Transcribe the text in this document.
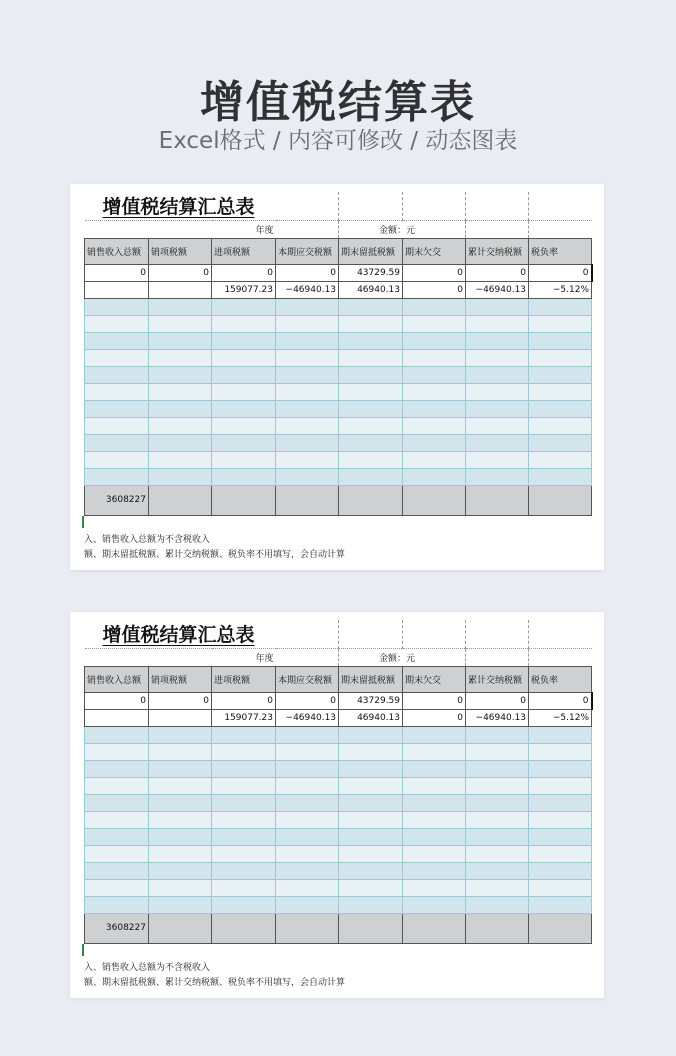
增值税结算表

Excel格式 / 内容可修改 / 动态图表

增值税结算汇总表							
年度				金额：元			
销售收入总额	销项税额	进项税额	本期应交税额	期末留抵税额	期末欠交	累计交纳税额	税负率
0	0	0	0	43729.59	0	0	0
		159077.23	−46940.13	46940.13	0	−46940.13	−5.12%

3608227							
入、销售收入总额为不含税收入
额、期末留抵税额、累计交纳税额、税负率不用填写，会自动计算
增值税结算汇总表							
年度				金额：元			
销售收入总额	销项税额	进项税额	本期应交税额	期末留抵税额	期末欠交	累计交纳税额	税负率
0	0	0	0	43729.59	0	0	0
		159077.23	−46940.13	46940.13	0	−46940.13	−5.12%

3608227							
入、销售收入总额为不含税收入
额、期末留抵税额、累计交纳税额、税负率不用填写，会自动计算
